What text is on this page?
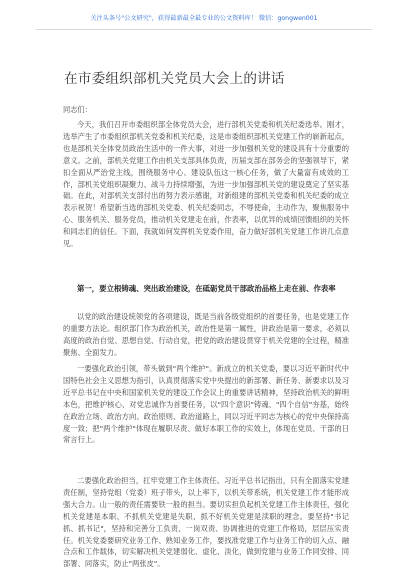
关注头条号"公文研究"，获得最新最全最专业的公文资料库！ 微信：gongwen001
在市委组织部机关党员大会上的讲话
同志们：

今天，我们召开市委组织部全体党员大会，进行部机关党委和机关纪委选举。刚才，选举产生了市委组织部机关党委和机关纪委，这是市委组织部机关党建工作的崭新起点，也是部机关全体党员政治生活中的一件大事，对进一步加强机关党的建设具有十分重要的意义。之前，部机关党建工作由机关支部具体负责，历届支部在部务会的坚强领导下，紧扣全面从严治党主线，围绕服务中心、建设队伍这一核心任务，做了大量富有成效的工作，部机关党组织凝聚力、战斗力持续增强，为进一步加强部机关党的建设奠定了坚实基础。在此，对部机关支部付出的努力表示感谢，对新组建的部机关党委和机关纪委的成立表示祝贺！希望新当选的部机关党委、机关纪委同志，不辱使命，主动作为，聚焦服务中心、服务机关、服务党员，推动机关党建走在前，作表率，以优异的成绩回馈组织的关怀和同志们的信任。下面，我就如何发挥机关党委作用，奋力做好部机关党建工作讲几点意见。

第一，要立根铸魂、突出政治建设，在砥砺党员干部政治品格上走在前、作表率

以党的政治建设统领党的各项建设，既是当前各级党组织的首要任务，也是党建工作的重要方法论。组织部门作为政治机关，政治性是第一属性，讲政治是第一要求，必须以高度的政治自觉、思想自觉、行动自觉，把党的政治建设贯穿于机关党建的全过程，精准聚焦、全面发力。

一要强化政治引领，带头做到"两个维护"。新成立的机关党委，要以习近平新时代中国特色社会主义思想为指引，认真贯彻落实党中央提出的新部署、新任务、新要求以及习近平总书记在中央和国家机关党的建设工作会议上的重要讲话精神，坚持政治机关的鲜明本色，把维护核心、对党忠诚作为首要任务，以"四个意识"铸魂、"四个自信"夯基，始终在政治立场、政治方向、政治原则、政治道路上，同以习近平同志为核心的党中央保持高度一致；把"两个维护"体现在履职尽责、做好本职工作的实效上，体现在党员、干部的日常言行上。

二要强化政治担当，扛牢党建工作主体责任。习近平总书记指出，只有全面落实党建责任制，坚持党组（党委）班子带头，以上率下，以机关带系统，机关党建工作才能形成强大合力。山一般的责任需要铁一般的担当。要切实担负起机关党建工作主体责任，强化机关党建是本职、不抓机关党建是失职、抓不好机关党建是渎职的理念。要坚持"书记抓、抓书记"，坚持和完善分工负责、一岗双责、协调推进的党建工作格局，层层压实责任。机关党委要研究业务工作、熟知业务工作，要找准党建工作与业务工作的切入点、融合点和工作载体，切实解决机关党建弱化、虚化、淡化，做到党建与业务工作同安排、同部署、同落实，防止"两张皮"。
